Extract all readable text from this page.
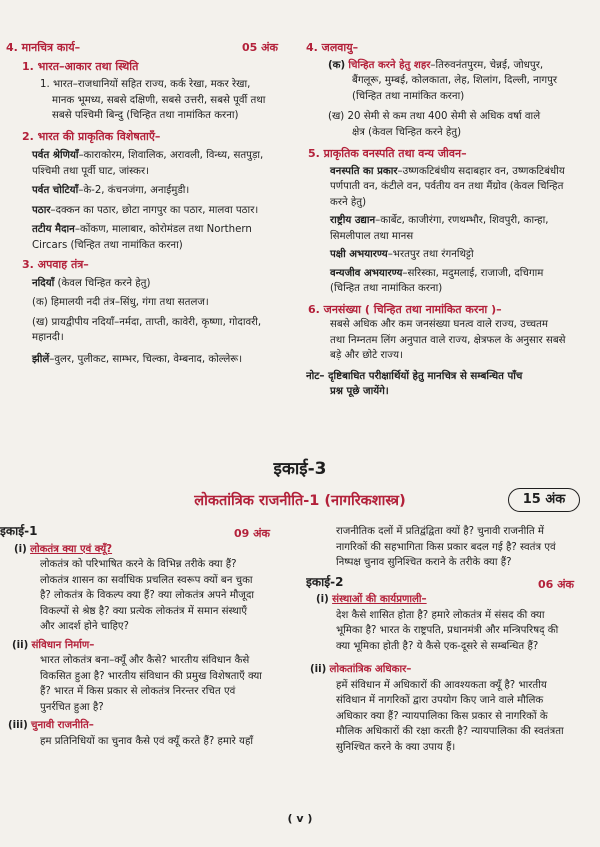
4. मानचित्र कार्य–	05 अंक
1. भारत–आकार तथा स्थिति
1. भारत–राजधानियों सहित राज्य, कर्क रेखा, मकर रेखा,
मानक भूमध्य, सबसे दक्षिणी, सबसे उत्तरी, सबसे पूर्वी तथा
सबसे पश्चिमी बिन्दु (चिन्हित तथा नामांकित करना)
2. भारत की प्राकृतिक विशेषताएँ–
पर्वत श्रेणियाँ–काराकोरम, शिवालिक, अरावली, विन्ध्य, सतपुड़ा,
पश्चिमी तथा पूर्वी घाट, जांस्कर।
पर्वत चोटियाँ–के-2, कंचनजंगा, अनाईमुडी।
पठार–दक्कन का पठार, छोटा नागपुर का पठार, मालवा पठार।
तटीय मैदान–कोंकण, मालाबार, कोरोमंडल तथा Northern
Circars (चिन्हित तथा नामांकित करना)
3. अपवाह तंत्र–
नदियाँ (केवल चिन्हित करने हेतु)
(क) हिमालयी नदी तंत्र–सिंधु, गंगा तथा सतलज।
(ख) प्रायद्वीपीय नदियाँ–नर्मदा, ताप्ती, कावेरी, कृष्णा, गोदावरी,
महानदी।
झीलें–वुलर, पुलीकट, साम्भर, चिल्का, वेम्बनाद, कोल्लेरू।
4. जलवायु–
(क) चिन्हित करने हेतु शहर–तिरुवनंतपुरम, चेन्नई, जोधपुर,
बैंगलूरू, मुम्बई, कोलकाता, लेह, शिलांग, दिल्ली, नागपुर
(चिन्हित तथा नामांकित करना)
(ख) 20 सेमी से कम तथा 400 सेमी से अधिक वर्षा वाले
क्षेत्र (केवल चिन्हित करने हेतु)
5. प्राकृतिक वनस्पति तथा वन्य जीवन–
वनस्पति का प्रकार–उष्णकटिबंधीय सदाबहार वन, उष्णकटिबंधीय
पर्णपाती वन, कंटीले वन, पर्वतीय वन तथा मैंग्रोव (केवल चिन्हित
करने हेतु)
राष्ट्रीय उद्यान–कार्बेट, काजीरंगा, रणथम्भौर, शिवपुरी, कान्हा,
सिमलीपाल तथा मानस
पक्षी अभयारण्य–भरतपुर तथा रंगनथिट्टो
वन्यजीव अभयारण्य–सरिस्का, मदुमलाई, राजाजी, दचिगाम
(चिन्हित तथा नामांकित करना)
6. जनसंख्या ( चिन्हित तथा नामांकित करना )–
सबसे अधिक और कम जनसंख्या घनत्व वाले राज्य, उच्चतम
तथा निम्नतम लिंग अनुपात वाले राज्य, क्षेत्रफल के अनुसार सबसे
बड़े और छोटे राज्य।
नोट– दृष्टिबाधित परीक्षार्थियों हेतु मानचित्र से सम्बन्धित पाँच
प्रश्न पूछे जायेंगे।
इकाई-3
लोकतांत्रिक राजनीति-1 (नागरिकशास्त्र)	15 अंक
इकाई-1	09 अंक
(i) लोकतंत्र क्या एवं क्यूँ?
लोकतंत्र को परिभाषित करने के विभिन्न तरीके क्या हैं?
लोकतंत्र शासन का सर्वाधिक प्रचलित स्वरूप क्यों बन चुका
है? लोकतंत्र के विकल्प क्या हैं? क्या लोकतंत्र अपने मौजूदा
विकल्पों से श्रेष्ठ है? क्या प्रत्येक लोकतंत्र में समान संस्थाएँ
और आदर्श होने चाहिए?
(ii) संविधान निर्माण–
भारत लोकतंत्र बना–क्यूँ और कैसे? भारतीय संविधान कैसे
विकसित हुआ है? भारतीय संविधान की प्रमुख विशेषताएँ क्या
हैं? भारत में किस प्रकार से लोकतंत्र निरन्तर रचित एवं
पुनर्रचित हुआ है?
(iii) चुनावी राजनीति–
हम प्रतिनिधियों का चुनाव कैसे एवं क्यूँ करते हैं? हमारे यहाँ
राजनीतिक दलों में प्रतिद्वंद्विता क्यों है? चुनावी राजनीति में
नागरिकों की सहभागिता किस प्रकार बदल गई है? स्वतंत्र एवं
निष्पक्ष चुनाव सुनिश्चित कराने के तरीके क्या हैं?
इकाई-2	06 अंक
(i) संस्थाओं की कार्यप्रणाली–
देश कैसे शासित होता है? हमारे लोकतंत्र में संसद की क्या
भूमिका है? भारत के राष्ट्रपति, प्रधानमंत्री और मन्त्रिपरिषद् की
क्या भूमिका होती है? ये कैसे एक-दूसरे से सम्बन्धित हैं?
(ii) लोकतांत्रिक अधिकार–
हमें संविधान में अधिकारों की आवश्यकता क्यूँ है? भारतीय
संविधान में नागरिकों द्वारा उपयोग किए जाने वाले मौलिक
अधिकार क्या हैं? न्यायपालिका किस प्रकार से नागरिकों के
मौलिक अधिकारों की रक्षा करती है? न्यायपालिका की स्वतंत्रता
सुनिश्चित करने के क्या उपाय हैं।
( v )
